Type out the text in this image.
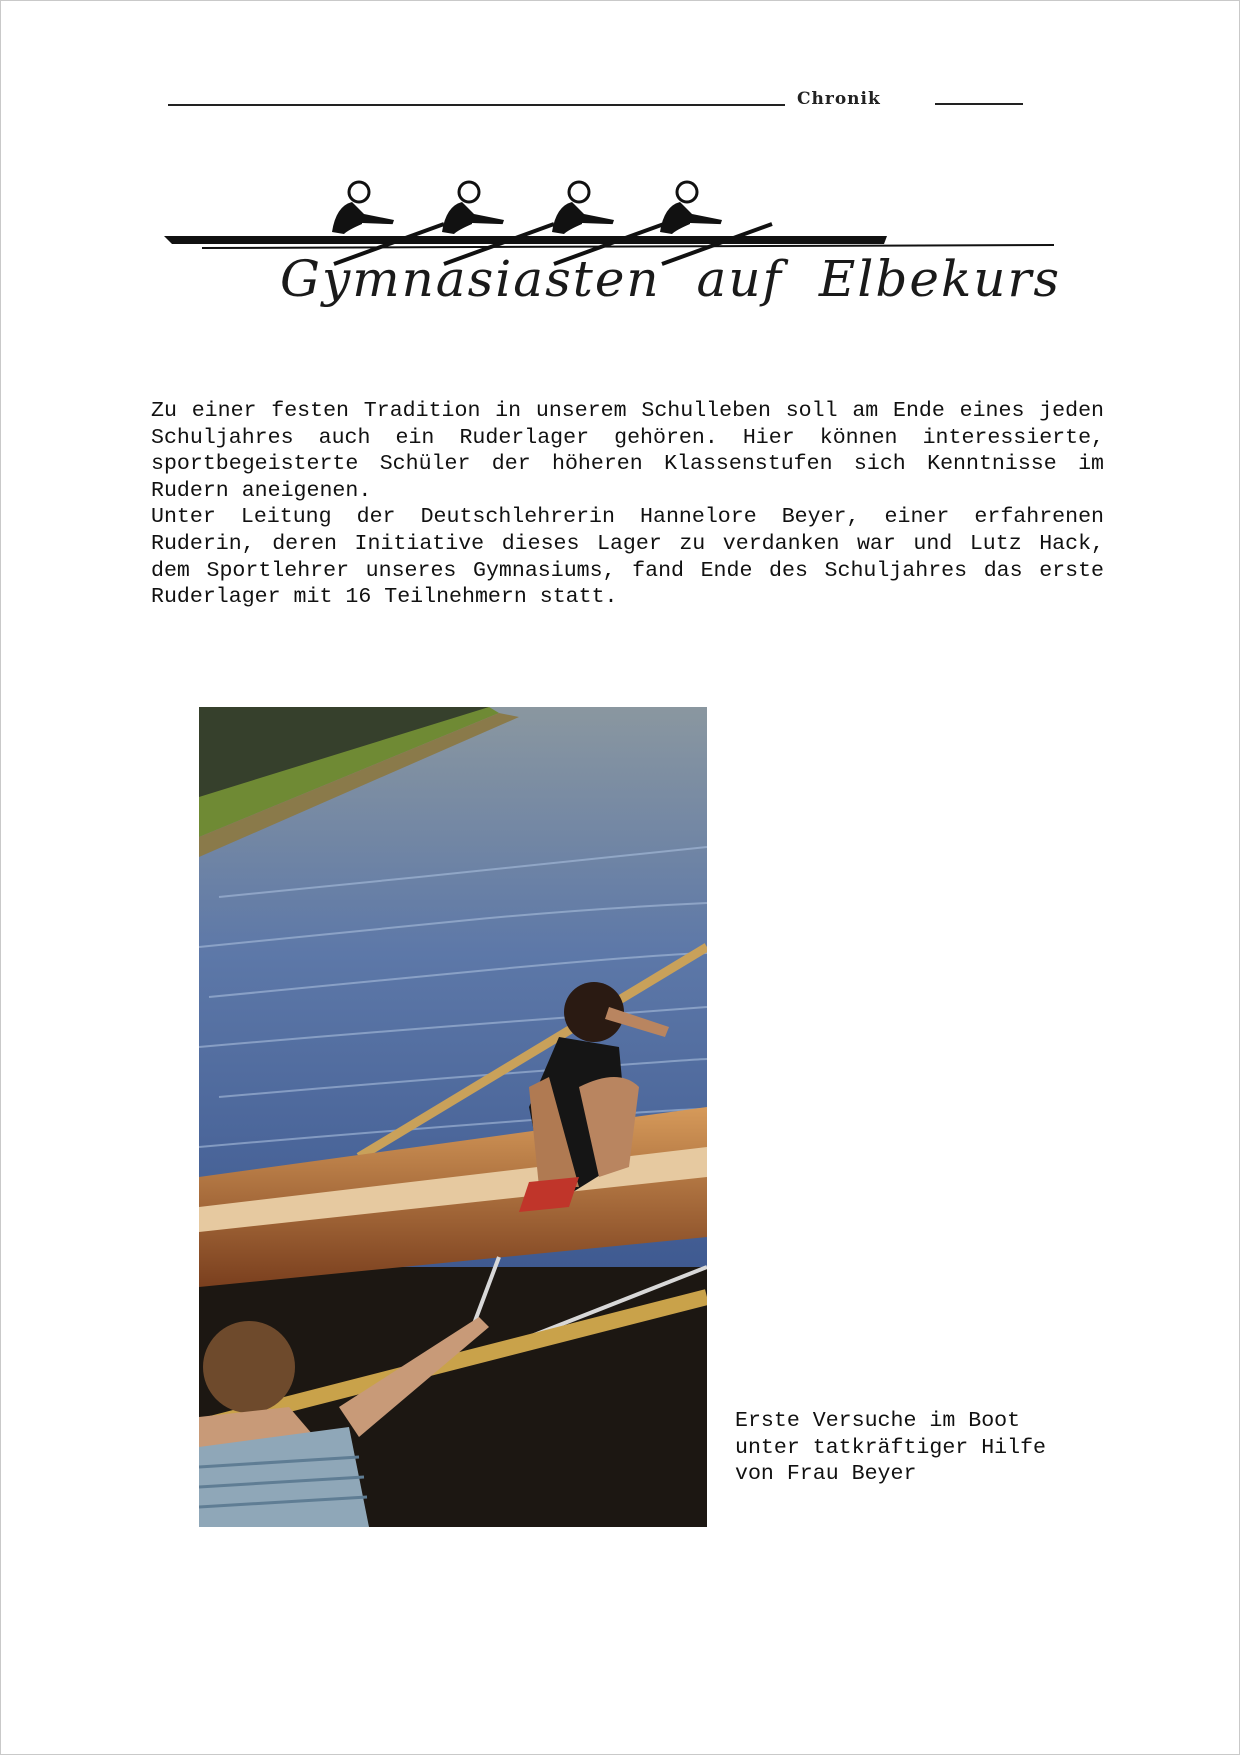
Chronik
Gymnasiasten auf Elbekurs

Zu einer festen Tradition in unserem Schulleben soll am Ende eines jeden Schuljahres auch ein Ruderlager gehören. Hier können interessierte, sportbegeisterte Schüler der höheren Klassenstufen sich Kenntnisse im Rudern aneigenen.

Unter Leitung der Deutschlehrerin Hannelore Beyer, einer erfahrenen Ruderin, deren Initiative dieses Lager zu verdanken war und Lutz Hack, dem Sportlehrer unseres Gymnasiums, fand Ende des Schuljahres das erste Ruderlager mit 16 Teilnehmern statt.

Erste Versuche im Boot
unter tatkräftiger Hilfe
von Frau Beyer
